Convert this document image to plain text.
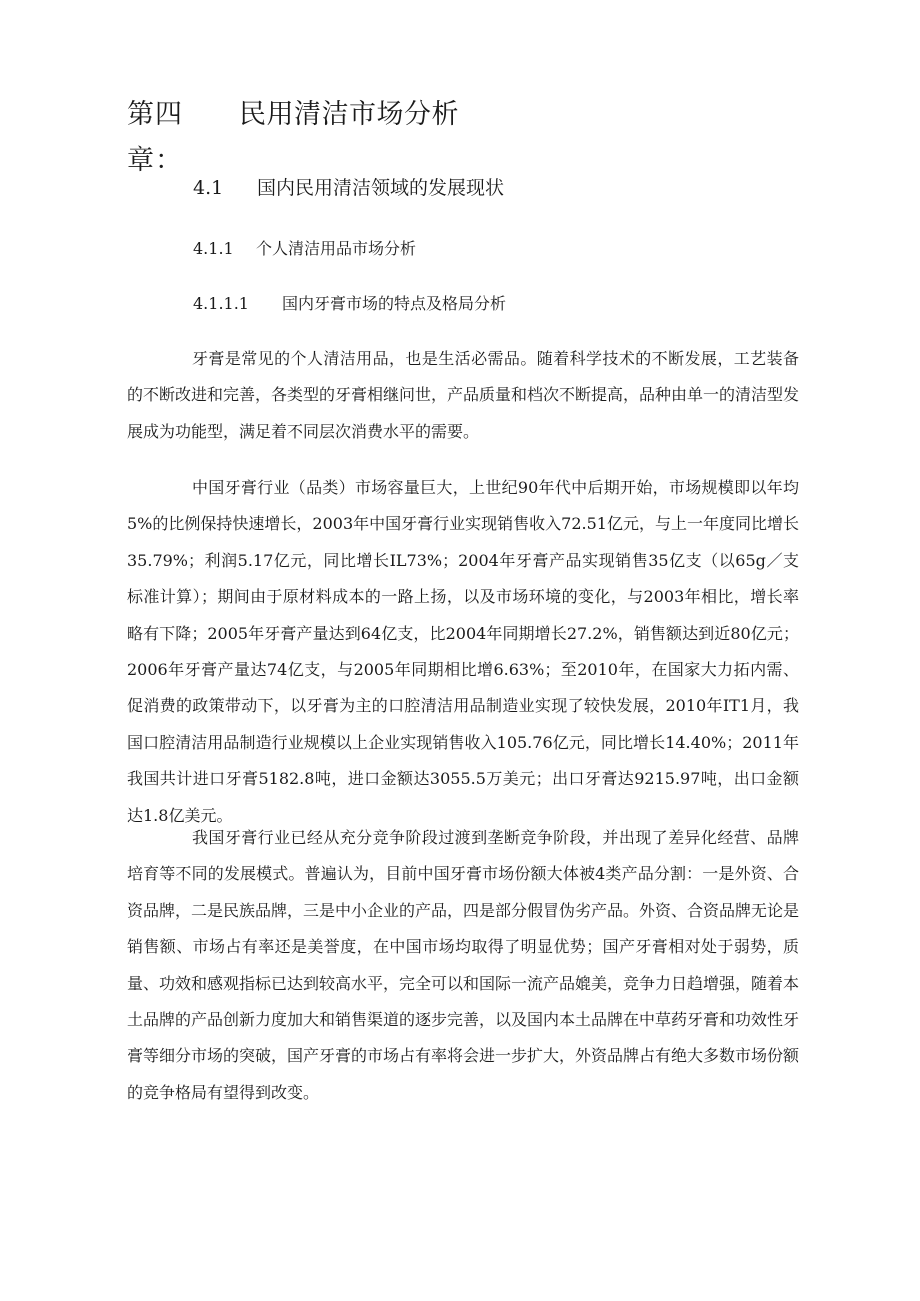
第四章：
民用清洁市场分析
4.1 国内民用清洁领域的发展现状
4.1.1 个人清洁用品市场分析
4.1.1.1 国内牙膏市场的特点及格局分析

牙膏是常见的个人清洁用品，也是生活必需品。随着科学技术的不断发展，工艺装备的不断改进和完善，各类型的牙膏相继问世，产品质量和档次不断提高，品种由单一的清洁型发展成为功能型，满足着不同层次消费水平的需要。

中国牙膏行业（品类）市场容量巨大，上世纪90年代中后期开始，市场规模即以年均5%的比例保持快速增长，2003年中国牙膏行业实现销售收入72.51亿元，与上一年度同比增长35.79%；利润5.17亿元，同比增长IL73%；2004年牙膏产品实现销售35亿支（以65g／支标准计算）；期间由于原材料成本的一路上扬，以及市场环境的变化，与2003年相比，增长率略有下降；2005年牙膏产量达到64亿支，比2004年同期增长27.2%，销售额达到近80亿元；2006年牙膏产量达74亿支，与2005年同期相比增6.63%；至2010年，在国家大力拓内需、促消费的政策带动下，以牙膏为主的口腔清洁用品制造业实现了较快发展，2010年IT1月，我国口腔清洁用品制造行业规模以上企业实现销售收入105.76亿元，同比增长14.40%；2011年我国共计进口牙膏5182.8吨，进口金额达3055.5万美元；出口牙膏达9215.97吨，出口金额达1.8亿美元。

我国牙膏行业已经从充分竞争阶段过渡到垄断竞争阶段，并出现了差异化经营、品牌培育等不同的发展模式。普遍认为，目前中国牙膏市场份额大体被4类产品分割：一是外资、合资品牌，二是民族品牌，三是中小企业的产品，四是部分假冒伪劣产品。外资、合资品牌无论是销售额、市场占有率还是美誉度，在中国市场均取得了明显优势；国产牙膏相对处于弱势，质量、功效和感观指标已达到较高水平，完全可以和国际一流产品媲美，竞争力日趋增强，随着本土品牌的产品创新力度加大和销售渠道的逐步完善，以及国内本土品牌在中草药牙膏和功效性牙膏等细分市场的突破，国产牙膏的市场占有率将会进一步扩大，外资品牌占有绝大多数市场份额的竞争格局有望得到改变。
